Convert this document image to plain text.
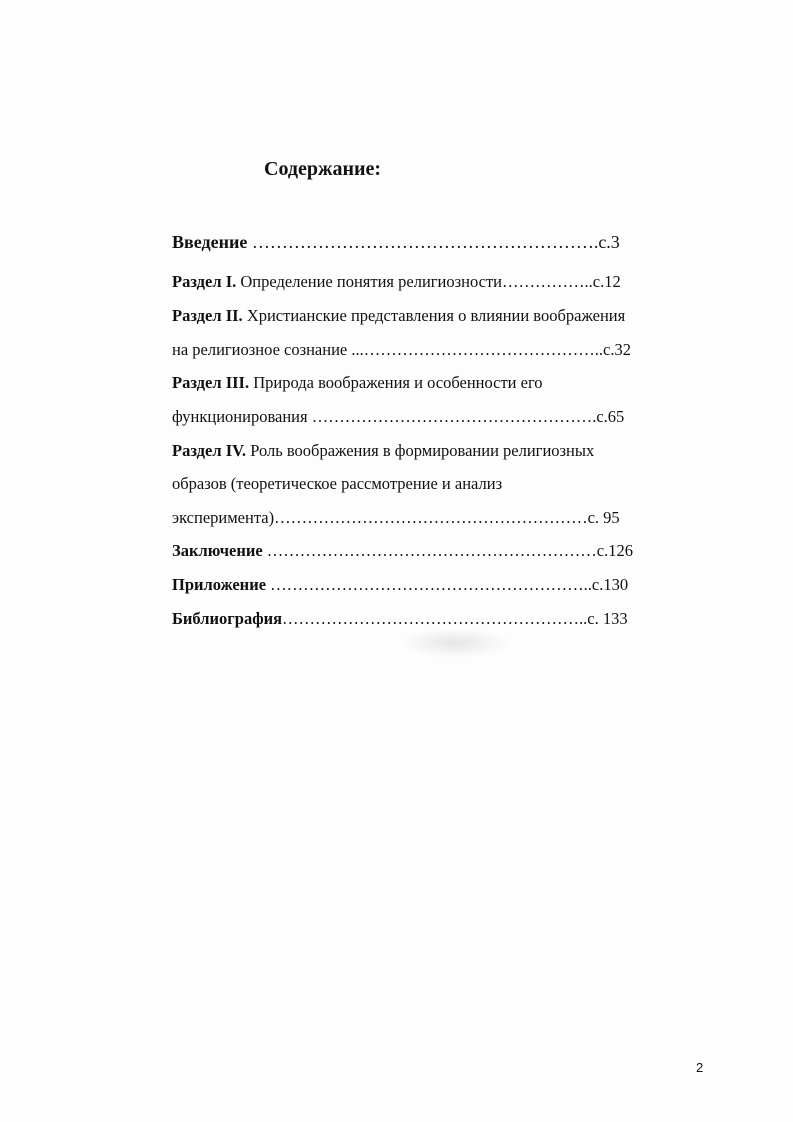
Содержание:
Введение ………………………………………………….с.3
Раздел I. Определение понятия религиозности……………..с.12
Раздел II. Христианские представления о влиянии воображения
на религиозное сознание ...……………………………………..с.32
Раздел III. Природа воображения и особенности его
функционирования …………………………………………….с.65
Раздел IV. Роль воображения в формировании религиозных
образов (теоретическое рассмотрение и анализ
эксперимента)…………………………………………………с. 95
Заключение ……………………………………………………с.126
Приложение …………………………………………………..с.130
Библиография………………………………………………..с. 133
2
